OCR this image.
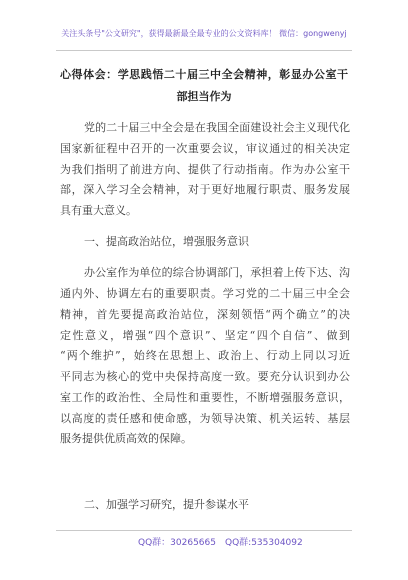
关注头条号"公文研究"，获得最新最全最专业的公文资料库！ 微信：gongwenyj
心得体会：学思践悟二十届三中全会精神，彰显办公室干
部担当作为
党的二十届三中全会是在我国全面建设社会主义现代化
国家新征程中召开的一次重要会议，审议通过的相关决定
为我们指明了前进方向、提供了行动指南。作为办公室干
部，深入学习全会精神，对于更好地履行职责、服务发展
具有重大意义。
一、提高政治站位，增强服务意识
办公室作为单位的综合协调部门，承担着上传下达、沟
通内外、协调左右的重要职责。学习党的二十届三中全会
精神，首先要提高政治站位，深刻领悟“两个确立”的决
定性意义，增强“四个意识”、坚定“四个自信”、做到
“两个维护”，始终在思想上、政治上、行动上同以习近
平同志为核心的党中央保持高度一致。要充分认识到办公
室工作的政治性、全局性和重要性，不断增强服务意识，
以高度的责任感和使命感，为领导决策、机关运转、基层
服务提供优质高效的保障。
二、加强学习研究，提升参谋水平
QQ群：30265665 QQ群:535304092
